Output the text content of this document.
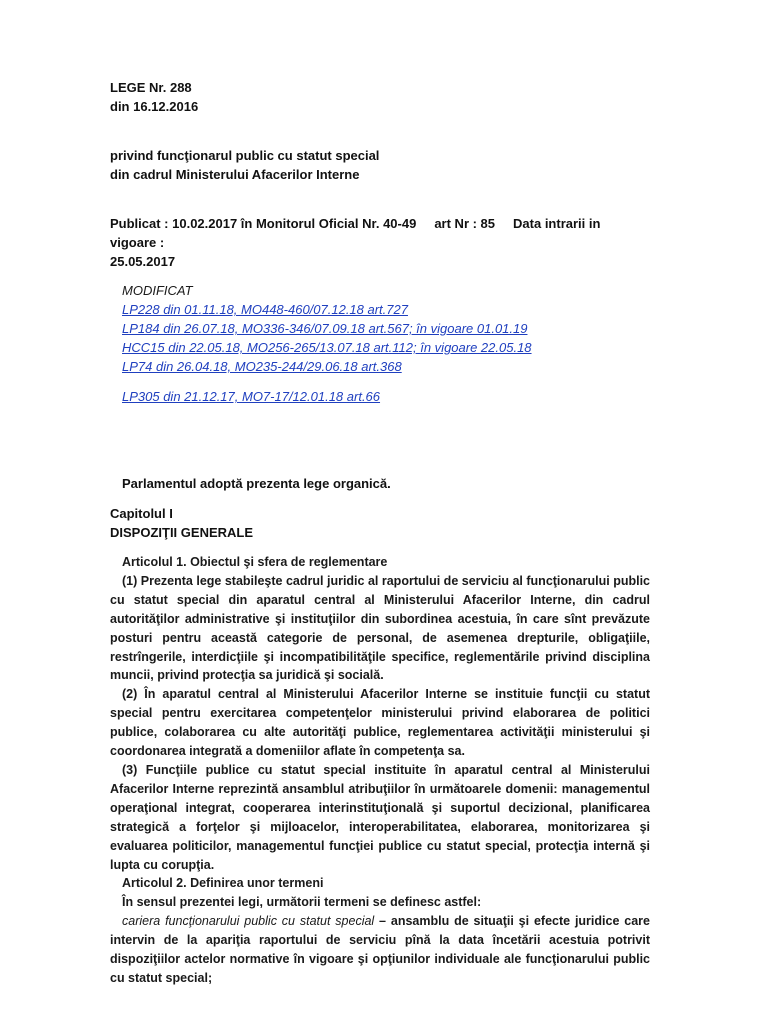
LEGE Nr. 288
din 16.12.2016
privind funcţionarul public cu statut special
din cadrul Ministerului Afacerilor Interne
Publicat : 10.02.2017 în Monitorul Oficial Nr. 40-49 art Nr : 85 Data intrarii in vigoare :
25.05.2017
MODIFICAT
LP228 din 01.11.18, MO448-460/07.12.18 art.727
LP184 din 26.07.18, MO336-346/07.09.18 art.567; în vigoare 01.01.19
HCC15 din 22.05.18, MO256-265/13.07.18 art.112; în vigoare 22.05.18
LP74 din 26.04.18, MO235-244/29.06.18 art.368
LP305 din 21.12.17, MO7-17/12.01.18 art.66
Parlamentul adoptă prezenta lege organică.
Capitolul I
DISPOZIŢII GENERALE

Articolul 1. Obiectul şi sfera de reglementare

(1) Prezenta lege stabileşte cadrul juridic al raportului de serviciu al funcţionarului public cu statut special din aparatul central al Ministerului Afacerilor Interne, din cadrul autorităţilor administrative şi instituţiilor din subordinea acestuia, în care sînt prevăzute posturi pentru această categorie de personal, de asemenea drepturile, obligaţiile, restrîngerile, interdicţiile şi incompatibilităţile specifice, reglementările privind disciplina muncii, privind protecţia sa juridică şi socială.

(2) În aparatul central al Ministerului Afacerilor Interne se instituie funcţii cu statut special pentru exercitarea competenţelor ministerului privind elaborarea de politici publice, colaborarea cu alte autorităţi publice, reglementarea activităţii ministerului şi coordonarea integrată a domeniilor aflate în competenţa sa.

(3) Funcţiile publice cu statut special instituite în aparatul central al Ministerului Afacerilor Interne reprezintă ansamblul atribuţiilor în următoarele domenii: managementul operaţional integrat, cooperarea interinstituţională şi suportul decizional, planificarea strategică a forţelor şi mijloacelor, interoperabilitatea, elaborarea, monitorizarea şi evaluarea politicilor, managementul funcţiei publice cu statut special, protecţia internă şi lupta cu corupţia.

Articolul 2. Definirea unor termeni

În sensul prezentei legi, următorii termeni se definesc astfel:

cariera funcţionarului public cu statut special – ansamblu de situaţii şi efecte juridice care intervin de la apariţia raportului de serviciu pînă la data încetării acestuia potrivit dispoziţiilor actelor normative în vigoare şi opţiunilor individuale ale funcţionarului public cu statut special;
